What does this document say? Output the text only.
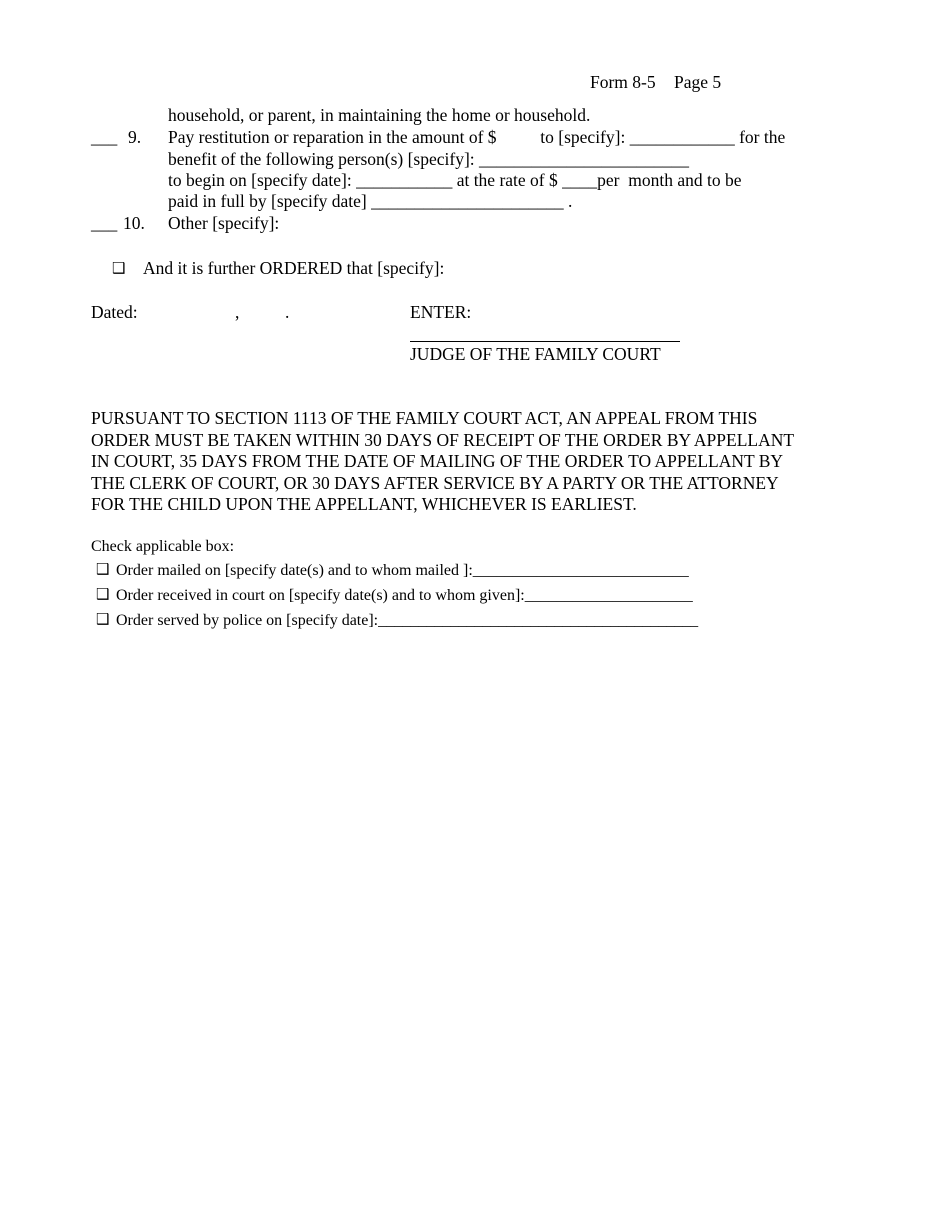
Form 8-5 Page 5
household, or parent, in maintaining the home or household.
___ 9. Pay restitution or reparation in the amount of $          to [specify]: ____________ for the
benefit of the following person(s) [specify]: ________________________
to begin on [specify date]: ___________ at the rate of $ ____per  month and to be
paid in full by [specify date] ______________________ .
___ 10. Other [specify]:
❑ And it is further ORDERED that [specify]:
Dated:	,	.	ENTER:
JUDGE OF THE FAMILY COURT
PURSUANT TO SECTION 1113 OF THE FAMILY COURT ACT, AN APPEAL FROM THIS
ORDER MUST BE TAKEN WITHIN 30 DAYS OF RECEIPT OF THE ORDER BY APPELLANT
IN COURT, 35 DAYS FROM THE DATE OF MAILING OF THE ORDER TO APPELLANT BY
THE CLERK OF COURT, OR 30 DAYS AFTER SERVICE BY A PARTY OR THE ATTORNEY
FOR THE CHILD UPON THE APPELLANT, WHICHEVER IS EARLIEST.
Check applicable box:
❑ Order mailed on [specify date(s) and to whom mailed ]:___________________________
❑ Order received in court on [specify date(s) and to whom given]:_____________________
❑ Order served by police on [specify date]:________________________________________
